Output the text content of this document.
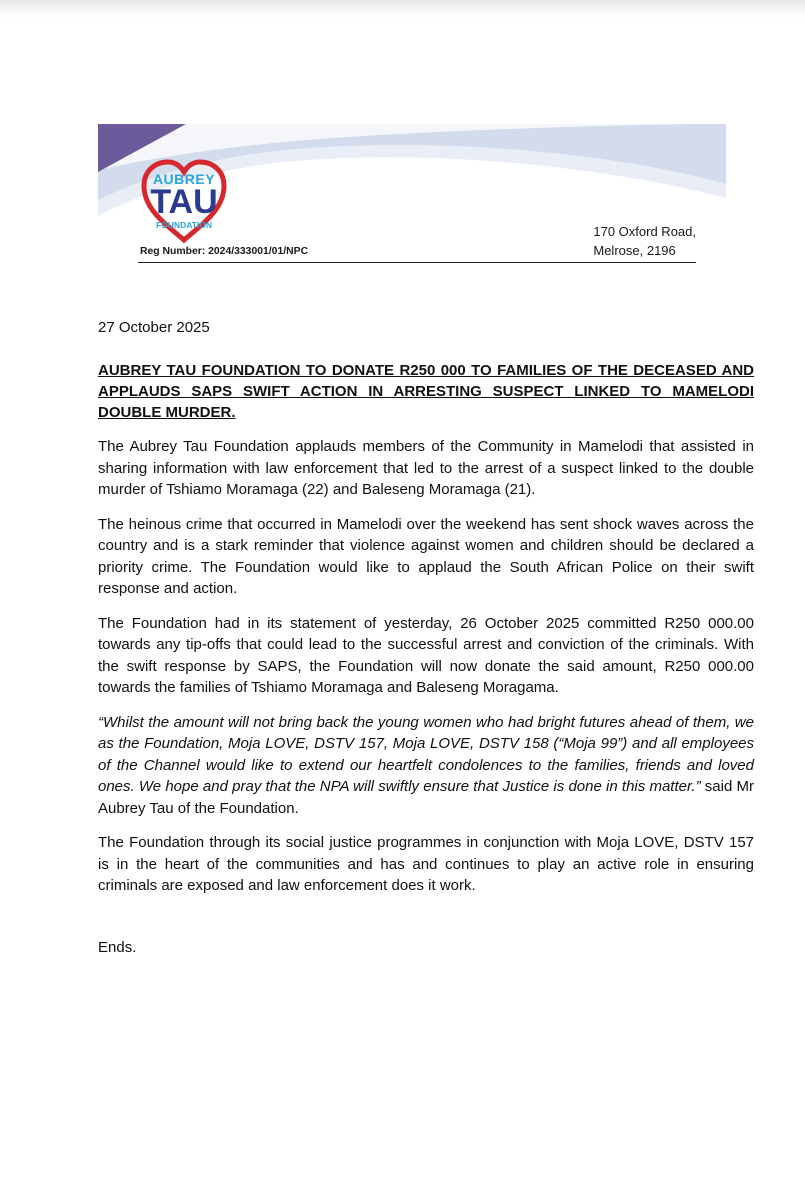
AUBREY
TAU
FOUNDATION
Reg Number: 2024/333001/01/NPC
170 Oxford Road,
Melrose, 2196
27 October 2025
AUBREY TAU FOUNDATION TO DONATE R250 000 TO FAMILIES OF THE DECEASED AND APPLAUDS SAPS SWIFT ACTION IN ARRESTING SUSPECT LINKED TO MAMELODI DOUBLE MURDER.

The Aubrey Tau Foundation applauds members of the Community in Mamelodi that assisted in sharing information with law enforcement that led to the arrest of a suspect linked to the double murder of Tshiamo Moramaga (22) and Baleseng Moramaga (21).

The heinous crime that occurred in Mamelodi over the weekend has sent shock waves across the country and is a stark reminder that violence against women and children should be declared a priority crime. The Foundation would like to applaud the South African Police on their swift response and action.

The Foundation had in its statement of yesterday, 26 October 2025 committed R250 000.00 towards any tip-offs that could lead to the successful arrest and conviction of the criminals. With the swift response by SAPS, the Foundation will now donate the said amount, R250 000.00 towards the families of Tshiamo Moramaga and Baleseng Moragama.

“Whilst the amount will not bring back the young women who had bright futures ahead of them, we as the Foundation, Moja LOVE, DSTV 157, Moja LOVE, DSTV 158 (“Moja 99”) and all employees of the Channel would like to extend our heartfelt condolences to the families, friends and loved ones. We hope and pray that the NPA will swiftly ensure that Justice is done in this matter.” said Mr Aubrey Tau of the Foundation.

The Foundation through its social justice programmes in conjunction with Moja LOVE, DSTV 157 is in the heart of the communities and has and continues to play an active role in ensuring criminals are exposed and law enforcement does it work.

Ends.
